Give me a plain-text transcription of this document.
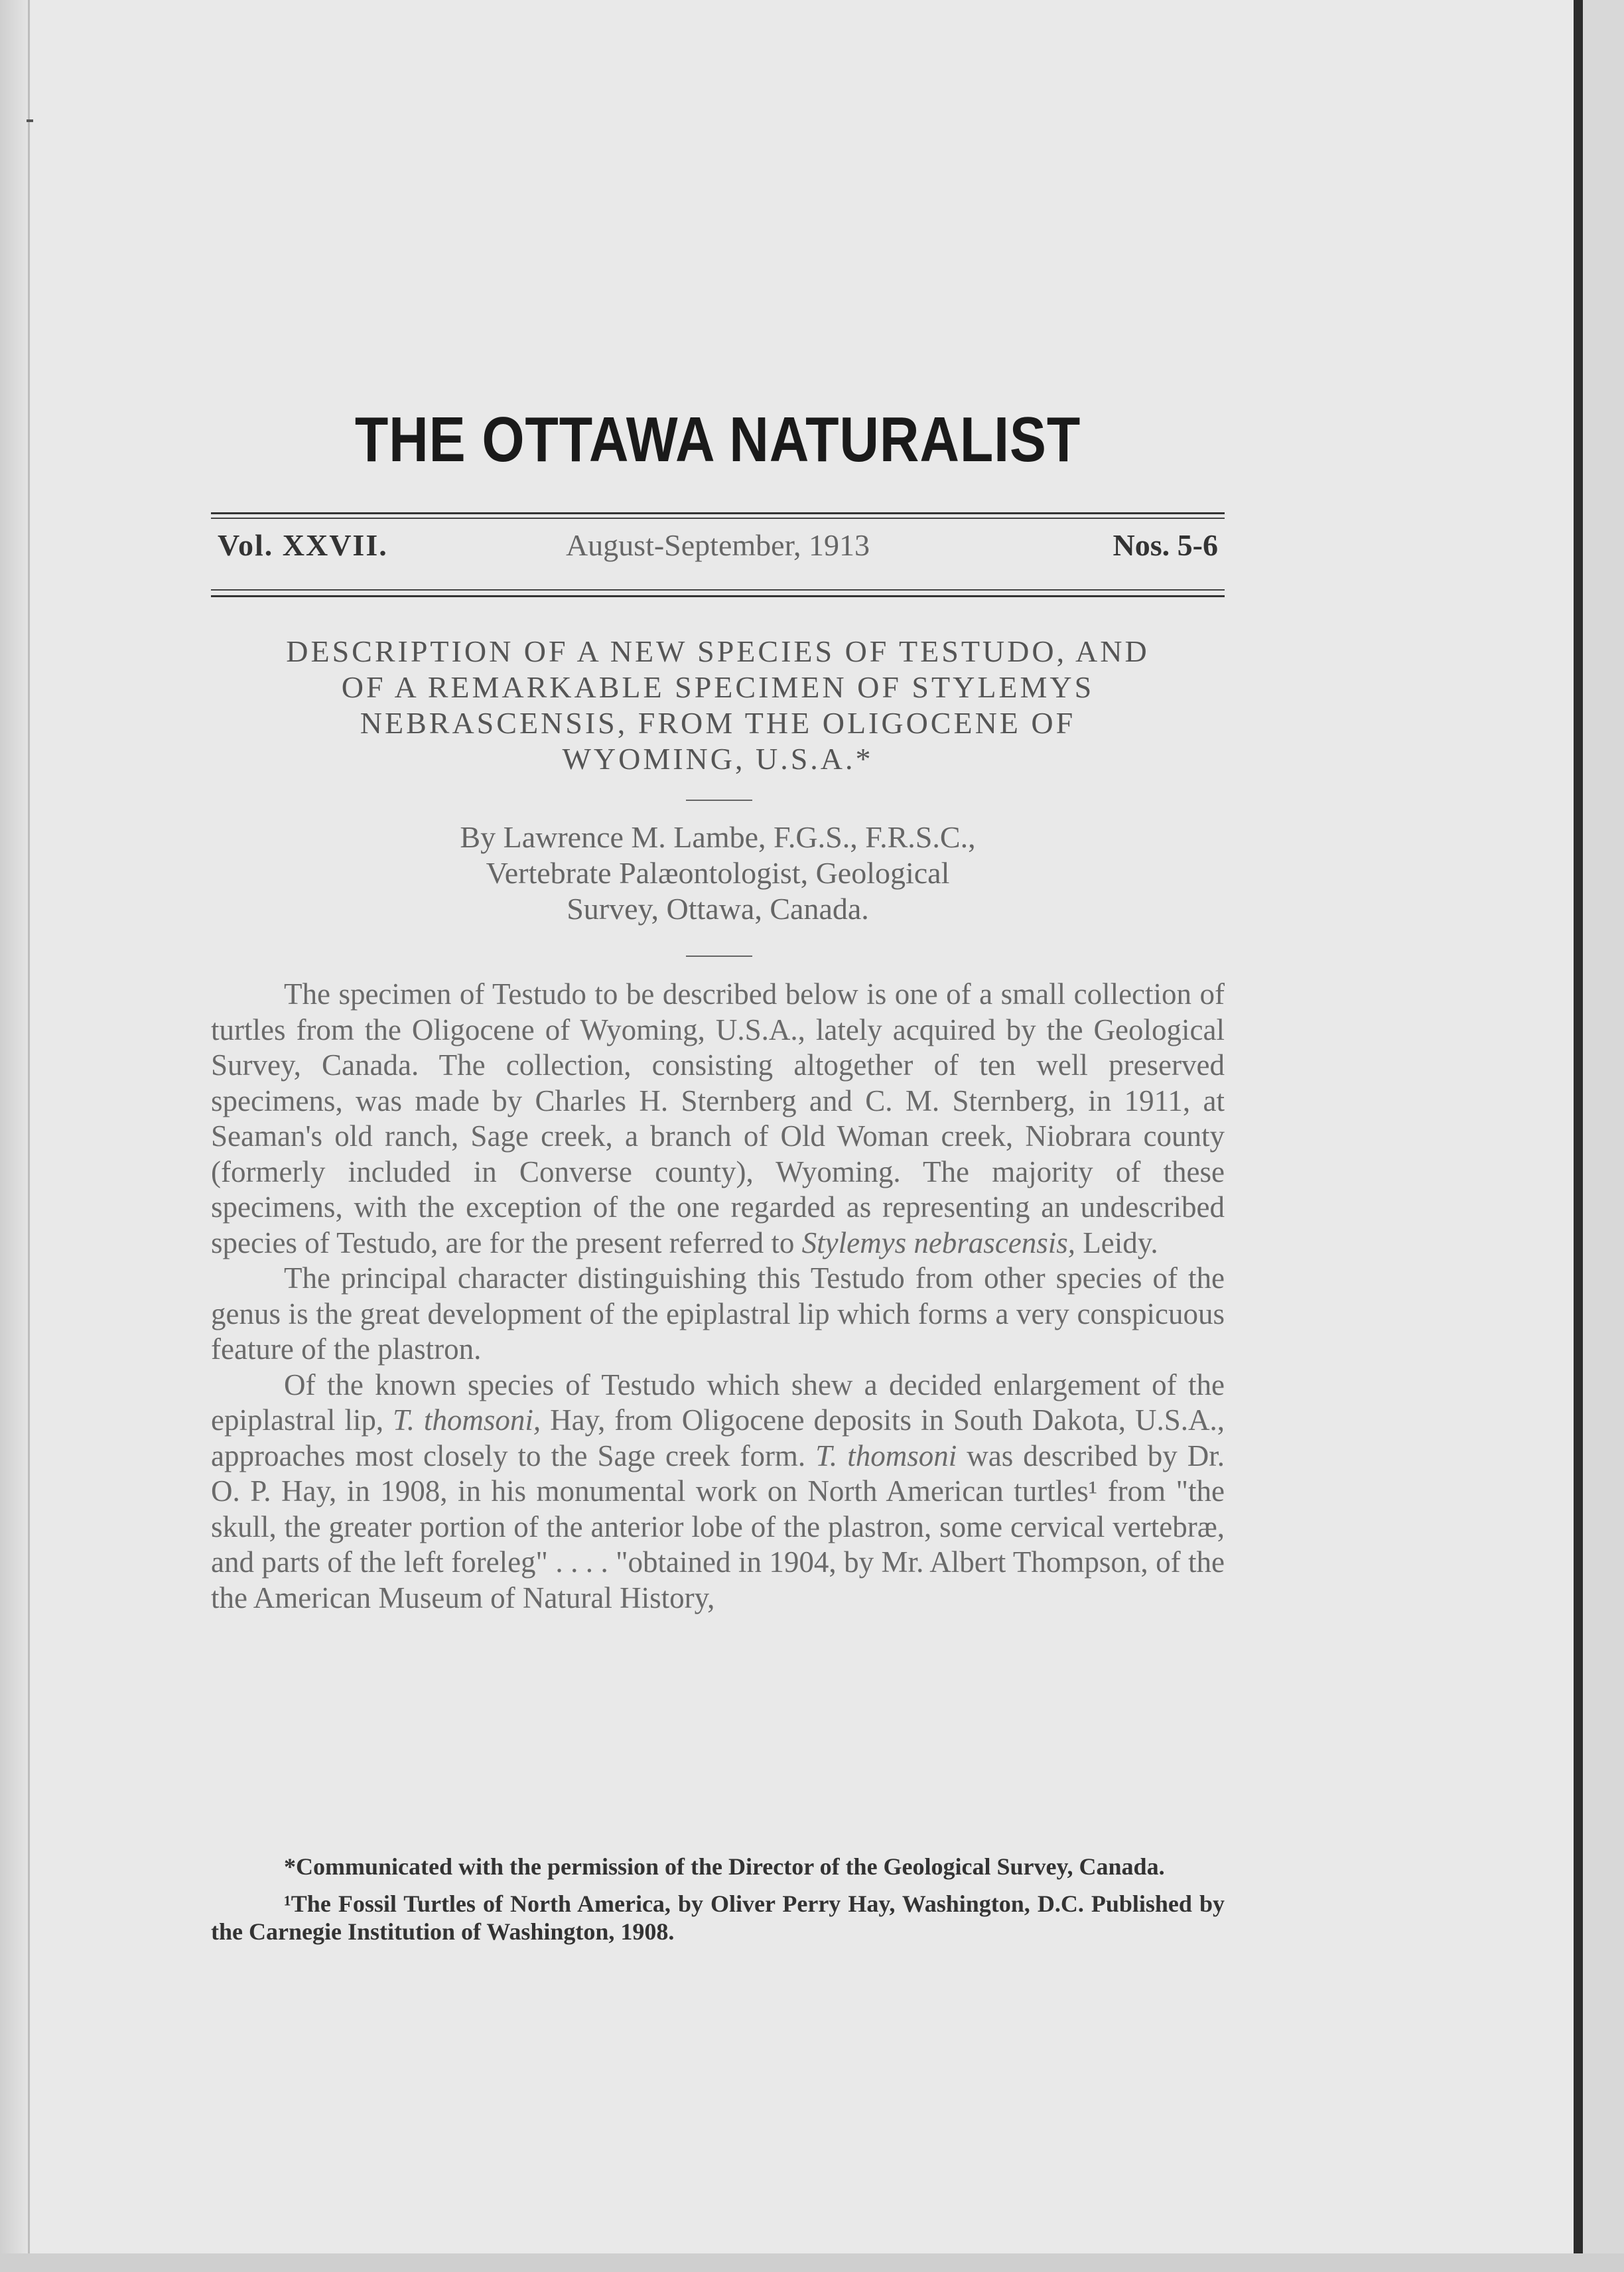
THE OTTAWA NATURALIST
Vol. XXVII.	August-September, 1913	Nos. 5-6
DESCRIPTION OF A NEW SPECIES OF TESTUDO, AND
OF A REMARKABLE SPECIMEN OF STYLEMYS
NEBRASCENSIS, FROM THE OLIGOCENE OF
WYOMING, U.S.A.*
By Lawrence M. Lambe, F.G.S., F.R.S.C.,
Vertebrate Palæontologist, Geological
Survey, Ottawa, Canada.

The specimen of Testudo to be described below is one of a small collection of turtles from the Oligocene of Wyoming, U.S.A., lately acquired by the Geological Survey, Canada. The collection, consisting altogether of ten well preserved specimens, was made by Charles H. Sternberg and C. M. Sternberg, in 1911, at Seaman's old ranch, Sage creek, a branch of Old Woman creek, Niobrara county (formerly included in Converse county), Wyoming. The majority of these specimens, with the exception of the one regarded as representing an undescribed species of Testudo, are for the present referred to Stylemys nebrascensis, Leidy.

The principal character distinguishing this Testudo from other species of the genus is the great development of the epiplastral lip which forms a very conspicuous feature of the plastron.

Of the known species of Testudo which shew a decided enlargement of the epiplastral lip, T. thomsoni, Hay, from Oligocene deposits in South Dakota, U.S.A., approaches most closely to the Sage creek form. T. thomsoni was described by Dr. O. P. Hay, in 1908, in his monumental work on North American turtles¹ from "the skull, the greater portion of the anterior lobe of the plastron, some cervical vertebræ, and parts of the left foreleg" . . . . "obtained in 1904, by Mr. Albert Thompson, of the the American Museum of Natural History,

*Communicated with the permission of the Director of the Geological Survey, Canada.

¹The Fossil Turtles of North America, by Oliver Perry Hay, Washington, D.C. Published by the Carnegie Institution of Washington, 1908.
